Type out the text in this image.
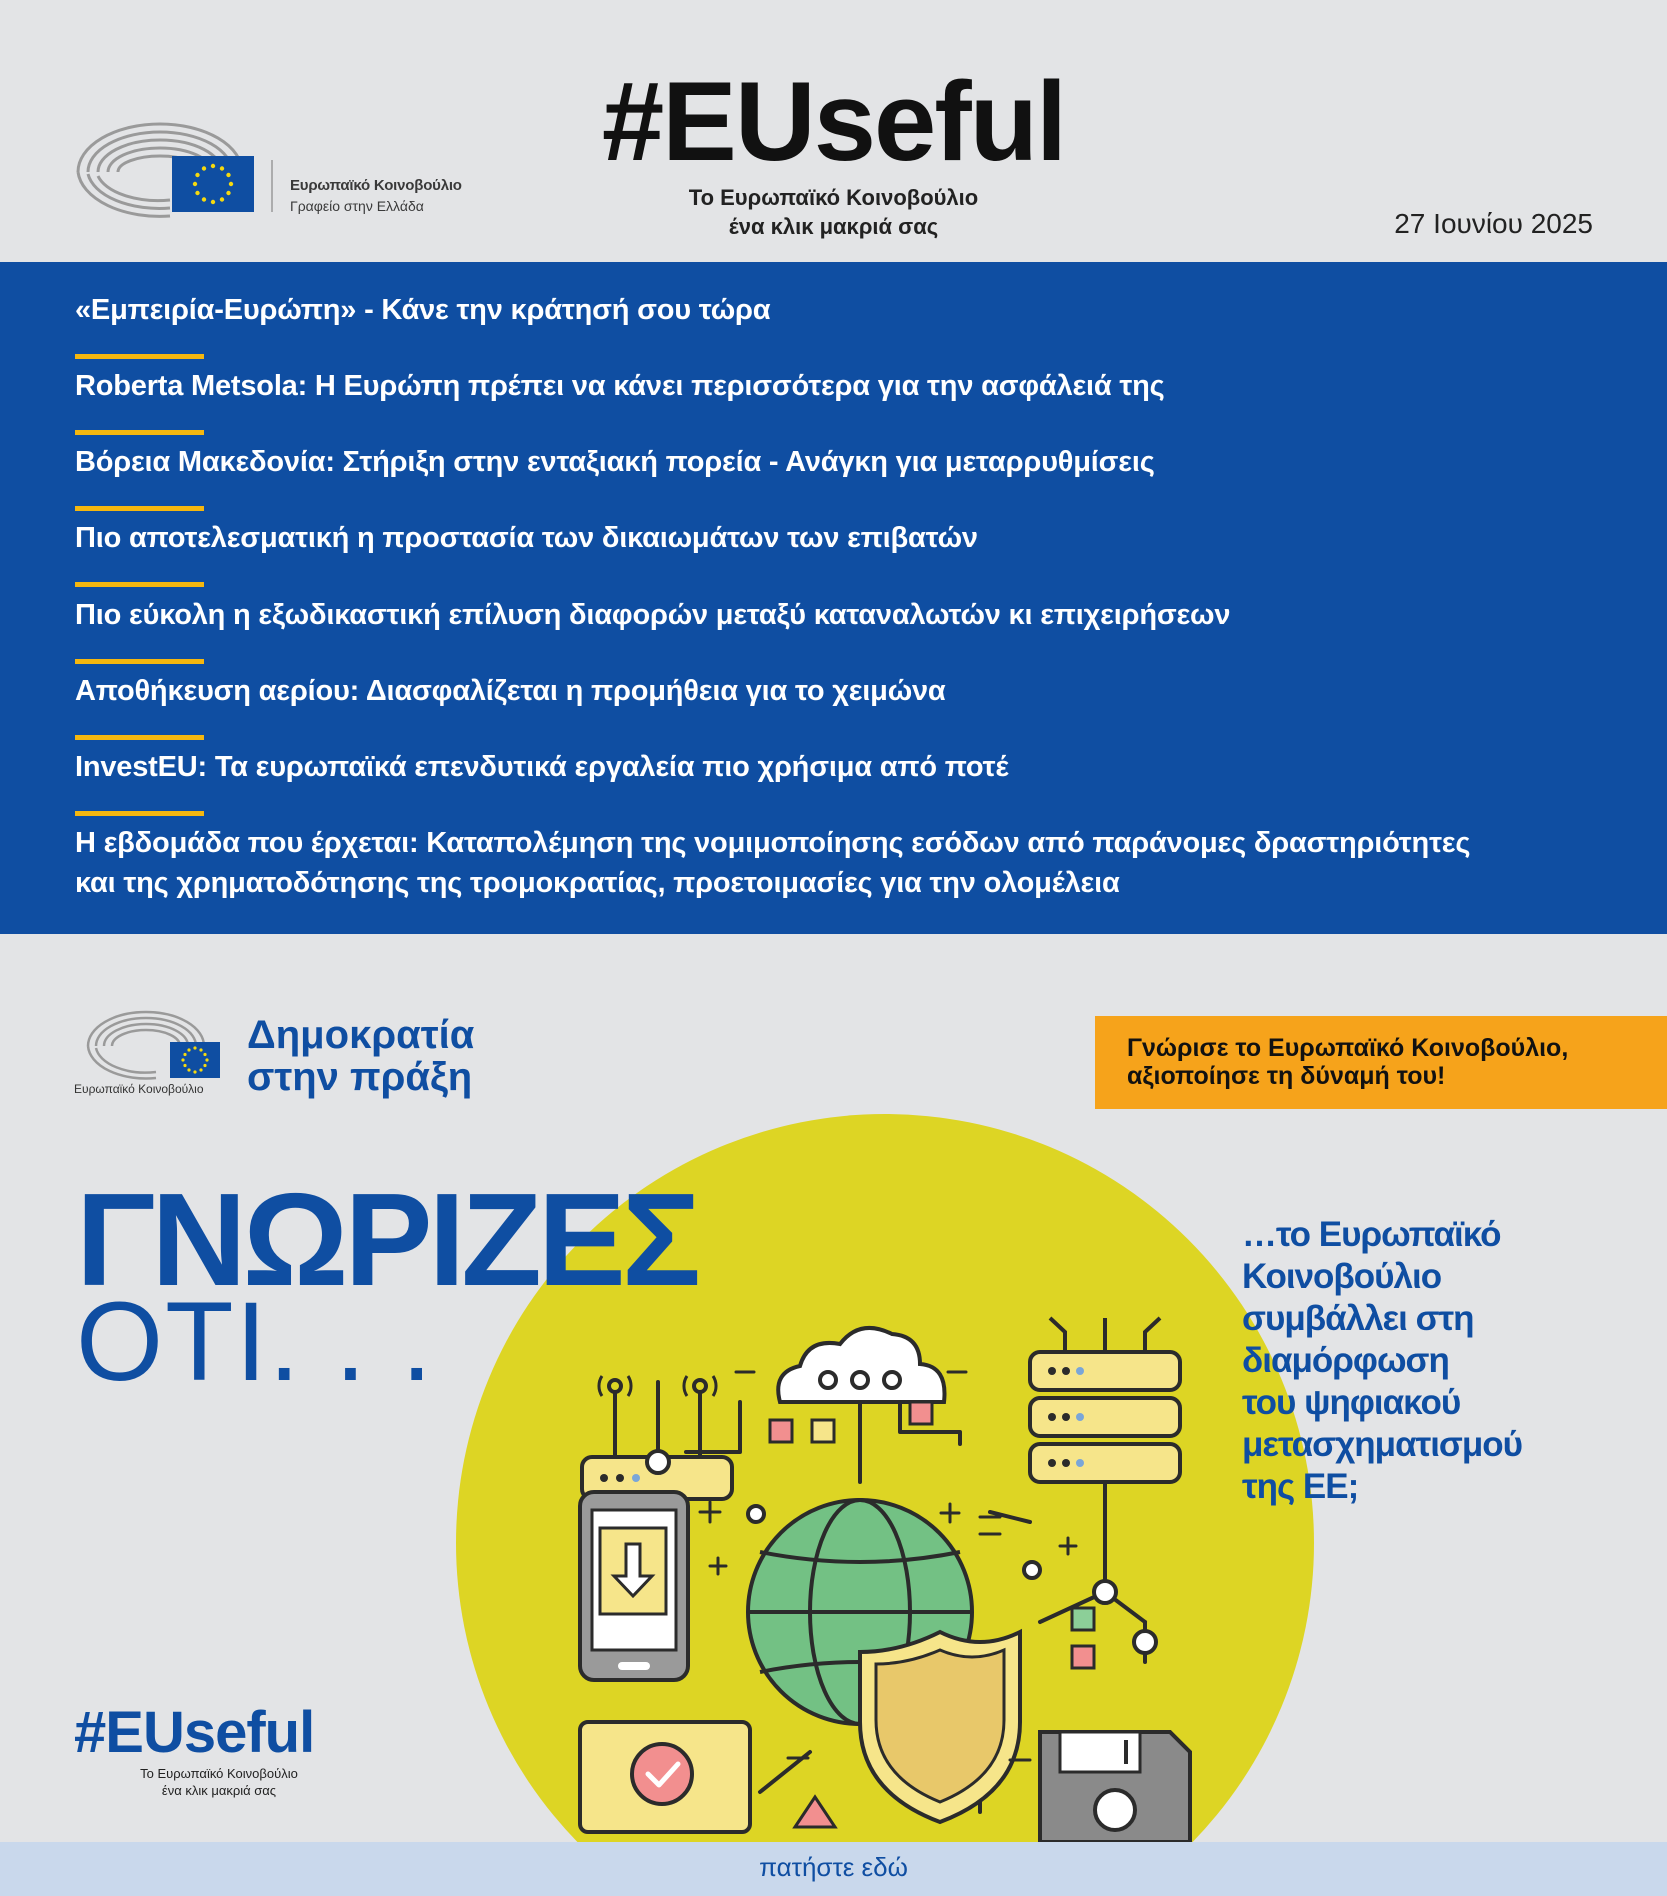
Ευρωπαϊκό Κοινοβούλιο
Γραφείο στην Ελλάδα
#EUseful
Το Ευρωπαϊκό Κοινοβούλιο
ένα κλικ μακριά σας	27 Ιουνίου 2025
«Εμπειρία-Ευρώπη» - Κάνε την κράτησή σου τώρα
Roberta Metsola: Η Ευρώπη πρέπει να κάνει περισσότερα για την ασφάλειά της
Βόρεια Μακεδονία: Στήριξη στην ενταξιακή πορεία - Ανάγκη για μεταρρυθμίσεις
Πιο αποτελεσματική η προστασία των δικαιωμάτων των επιβατών
Πιο εύκολη η εξωδικαστική επίλυση διαφορών μεταξύ καταναλωτών κι επιχειρήσεων
Αποθήκευση αερίου: Διασφαλίζεται η προμήθεια για το χειμώνα
InvestEU: Τα ευρωπαϊκά επενδυτικά εργαλεία πιο χρήσιμα από ποτέ
Η εβδομάδα που έρχεται: Καταπολέμηση της νομιμοποίησης εσόδων από παράνομες δραστηριότητες
και της χρηματοδότησης της τρομοκρατίας, προετοιμασίες για την ολομέλεια
Ευρωπαϊκό Κοινοβούλιο
Δημοκρατία
στην πράξη
Γνώρισε το Ευρωπαϊκό Κοινοβούλιο,
αξιοποίησε τη δύναμή του!
ΓΝΩΡΙΖΕΣ
ΟΤΙ. . .
…το Ευρωπαϊκό
Κοινοβούλιο
συμβάλλει στη
διαμόρφωση
του ψηφιακού
μετασχηματισμού
της ΕΕ;
#EUseful
Το Ευρωπαϊκό Κοινοβούλιο
ένα κλικ μακριά σας
πατήστε εδώ
